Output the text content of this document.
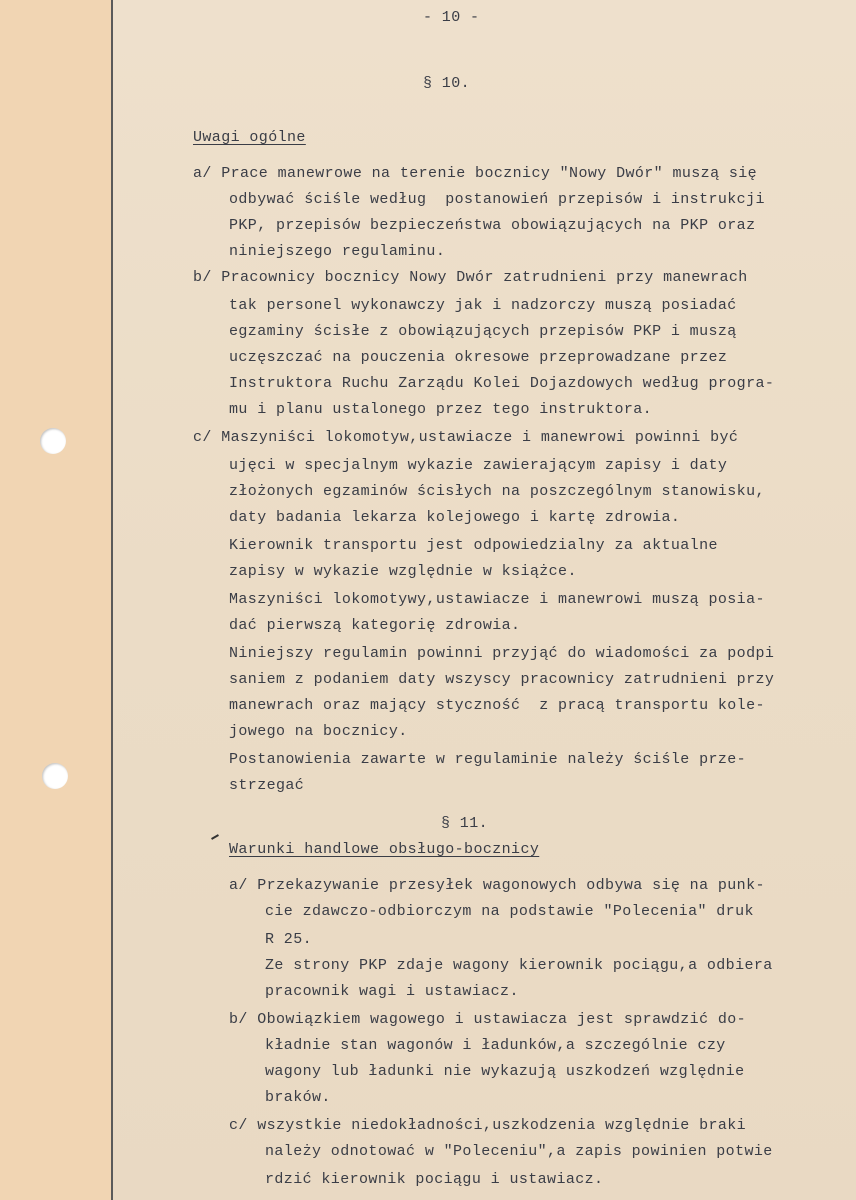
- 10 -
§ 10.
Uwagi ogólne
a/ Prace manewrowe na terenie bocznicy "Nowy Dwór" muszą się
odbywać ściśle według  postanowień przepisów i instrukcji
PKP, przepisów bezpieczeństwa obowiązujących na PKP oraz
niniejszego regulaminu.
b/ Pracownicy bocznicy Nowy Dwór zatrudnieni przy manewrach
tak personel wykonawczy jak i nadzorczy muszą posiadać
egzaminy ścisłe z obowiązujących przepisów PKP i muszą
uczęszczać na pouczenia okresowe przeprowadzane przez
Instruktora Ruchu Zarządu Kolei Dojazdowych według progra-
mu i planu ustalonego przez tego instruktora.
c/ Maszyniści lokomotyw,ustawiacze i manewrowi powinni być
ujęci w specjalnym wykazie zawierającym zapisy i daty
złożonych egzaminów ścisłych na poszczególnym stanowisku,
daty badania lekarza kolejowego i kartę zdrowia.
Kierownik transportu jest odpowiedzialny za aktualne
zapisy w wykazie względnie w książce.
Maszyniści lokomotywy,ustawiacze i manewrowi muszą posia-
dać pierwszą kategorię zdrowia.
Niniejszy regulamin powinni przyjąć do wiadomości za podpi
saniem z podaniem daty wszyscy pracownicy zatrudnieni przy
manewrach oraz mający styczność  z pracą transportu kole-
jowego na bocznicy.
Postanowienia zawarte w regulaminie należy ściśle prze-
strzegać
§ 11.
Warunki handlowe obsługo-bocznicy
a/ Przekazywanie przesyłek wagonowych odbywa się na punk-
cie zdawczo-odbiorczym na podstawie "Polecenia" druk
R 25.
Ze strony PKP zdaje wagony kierownik pociągu,a odbiera
pracownik wagi i ustawiacz.
b/ Obowiązkiem wagowego i ustawiacza jest sprawdzić do-
kładnie stan wagonów i ładunków,a szczególnie czy
wagony lub ładunki nie wykazują uszkodzeń względnie
braków.
c/ wszystkie niedokładności,uszkodzenia względnie braki
należy odnotować w "Poleceniu",a zapis powinien potwie
rdzić kierownik pociągu i ustawiacz.
